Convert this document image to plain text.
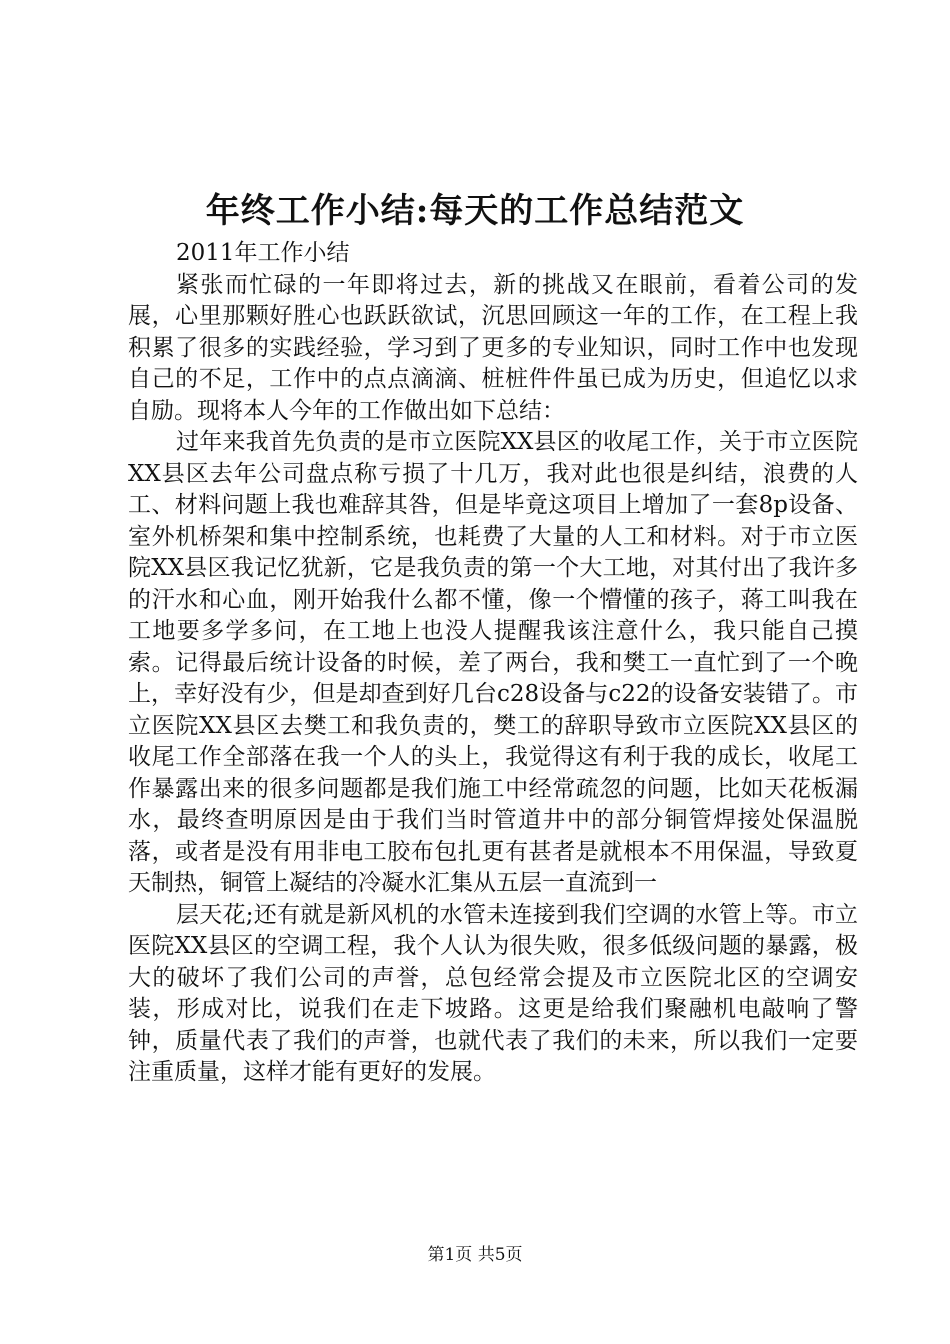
年终工作小结:每天的工作总结范文

2011年工作小结

紧张而忙碌的一年即将过去，新的挑战又在眼前，看着公司的发展，心里那颗好胜心也跃跃欲试，沉思回顾这一年的工作，在工程上我积累了很多的实践经验，学习到了更多的专业知识，同时工作中也发现自己的不足，工作中的点点滴滴、桩桩件件虽已成为历史，但追忆以求自励。现将本人今年的工作做出如下总结：

过年来我首先负责的是市立医院XX县区的收尾工作，关于市立医院XX县区去年公司盘点称亏损了十几万，我对此也很是纠结，浪费的人工、材料问题上我也难辞其咎，但是毕竟这项目上增加了一套8p设备、室外机桥架和集中控制系统，也耗费了大量的人工和材料。对于市立医院XX县区我记忆犹新，它是我负责的第一个大工地，对其付出了我许多的汗水和心血，刚开始我什么都不懂，像一个懵懂的孩子，蒋工叫我在工地要多学多问，在工地上也没人提醒我该注意什么，我只能自己摸索。记得最后统计设备的时候，差了两台，我和樊工一直忙到了一个晚上，幸好没有少，但是却查到好几台c28设备与c22的设备安装错了。市立医院XX县区去樊工和我负责的，樊工的辞职导致市立医院XX县区的收尾工作全部落在我一个人的头上，我觉得这有利于我的成长，收尾工作暴露出来的很多问题都是我们施工中经常疏忽的问题，比如天花板漏水，最终查明原因是由于我们当时管道井中的部分铜管焊接处保温脱落，或者是没有用非电工胶布包扎更有甚者是就根本不用保温，导致夏天制热，铜管上凝结的冷凝水汇集从五层一直流到一

层天花;还有就是新风机的水管未连接到我们空调的水管上等。市立医院XX县区的空调工程，我个人认为很失败，很多低级问题的暴露，极大的破坏了我们公司的声誉，总包经常会提及市立医院北区的空调安装，形成对比，说我们在走下坡路。这更是给我们聚融机电敲响了警钟，质量代表了我们的声誉，也就代表了我们的未来，所以我们一定要注重质量，这样才能有更好的发展。

第1页 共5页
